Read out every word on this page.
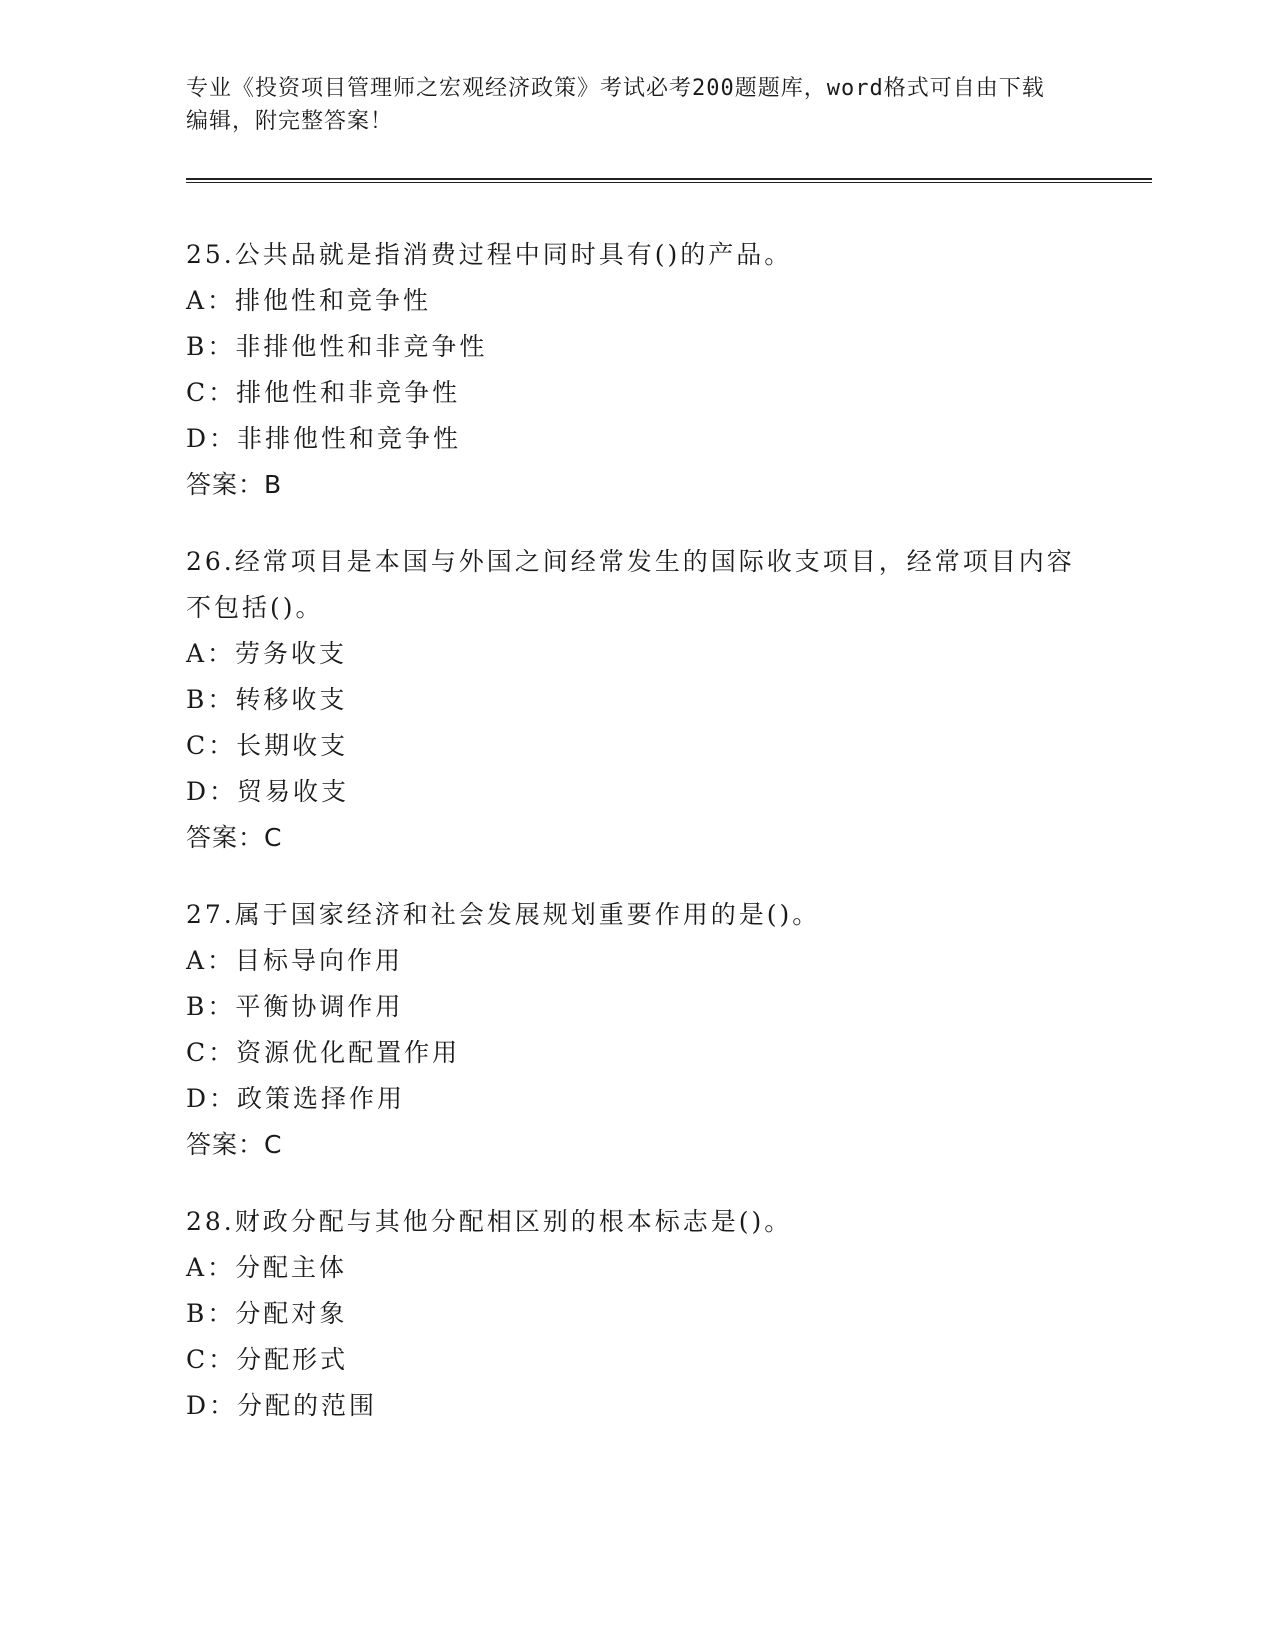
专业《投资项目管理师之宏观经济政策》考试必考200题题库，word格式可自由下载编辑，附完整答案！
25.公共品就是指消费过程中同时具有()的产品。
A：排他性和竞争性
B：非排他性和非竞争性
C：排他性和非竞争性
D：非排他性和竞争性
答案：B
26.经常项目是本国与外国之间经常发生的国际收支项目，经常项目内容不包括()。
A：劳务收支
B：转移收支
C：长期收支
D：贸易收支
答案：C
27.属于国家经济和社会发展规划重要作用的是()。
A：目标导向作用
B：平衡协调作用
C：资源优化配置作用
D：政策选择作用
答案：C
28.财政分配与其他分配相区别的根本标志是()。
A：分配主体
B：分配对象
C：分配形式
D：分配的范围
